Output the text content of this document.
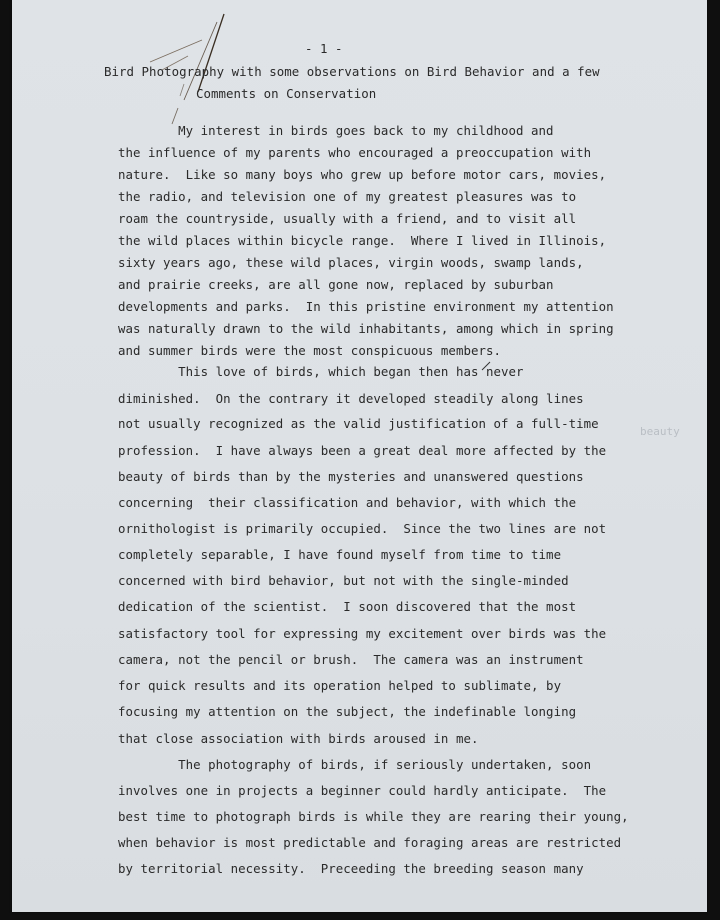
- 1 -
Bird Photography with some observations on Bird Behavior and a few
Comments on Conservation
beauty
My interest in birds goes back to my childhood and
the influence of my parents who encouraged a preoccupation with
nature.  Like so many boys who grew up before motor cars, movies,
the radio, and television one of my greatest pleasures was to
roam the countryside, usually with a friend, and to visit all
the wild places within bicycle range.  Where I lived in Illinois,
sixty years ago, these wild places, virgin woods, swamp lands,
and prairie creeks, are all gone now, replaced by suburban
developments and parks.  In this pristine environment my attention
was naturally drawn to the wild inhabitants, among which in spring
and summer birds were the most conspicuous members.
This love of birds, which began then has never
diminished.  On the contrary it developed steadily along lines
not usually recognized as the valid justification of a full-time
profession.  I have always been a great deal more affected by the
beauty of birds than by the mysteries and unanswered questions
concerning  their classification and behavior, with which the
ornithologist is primarily occupied.  Since the two lines are not
completely separable, I have found myself from time to time
concerned with bird behavior, but not with the single-minded
dedication of the scientist.  I soon discovered that the most
satisfactory tool for expressing my excitement over birds was the
camera, not the pencil or brush.  The camera was an instrument
for quick results and its operation helped to sublimate, by
focusing my attention on the subject, the indefinable longing
that close association with birds aroused in me.
The photography of birds, if seriously undertaken, soon
involves one in projects a beginner could hardly anticipate.  The
best time to photograph birds is while they are rearing their young,
when behavior is most predictable and foraging areas are restricted
by territorial necessity.  Preceeding the breeding season many
